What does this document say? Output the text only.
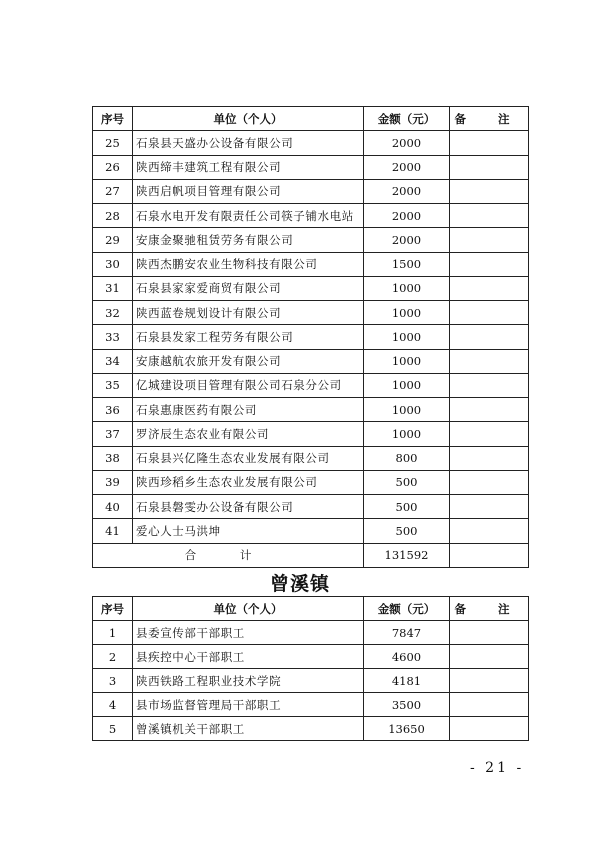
序号	单位（个人）	金额（元）	备 注
25	石泉县天盛办公设备有限公司	2000	
26	陕西缔丰建筑工程有限公司	2000	
27	陕西启帆项目管理有限公司	2000	
28	石泉水电开发有限责任公司筷子铺水电站	2000	
29	安康金聚驰租赁劳务有限公司	2000	
30	陕西杰鹏安农业生物科技有限公司	1500	
31	石泉县家家爱商贸有限公司	1000	
32	陕西蓝卷规划设计有限公司	1000	
33	石泉县发家工程劳务有限公司	1000	
34	安康越航农旅开发有限公司	1000	
35	亿城建设项目管理有限公司石泉分公司	1000	
36	石泉惠康医药有限公司	1000	
37	罗济辰生态农业有限公司	1000	
38	石泉县兴亿隆生态农业发展有限公司	800	
39	陕西珍稻乡生态农业发展有限公司	500	
40	石泉县磐雯办公设备有限公司	500	
41	爱心人士马洪坤	500	
合 计		131592	
曾溪镇
序号	单位（个人）	金额（元）	备 注
1	县委宣传部干部职工	7847	
2	县疾控中心干部职工	4600	
3	陕西铁路工程职业技术学院	4181	
4	县市场监督管理局干部职工	3500	
5	曾溪镇机关干部职工	13650	
- 21 -
